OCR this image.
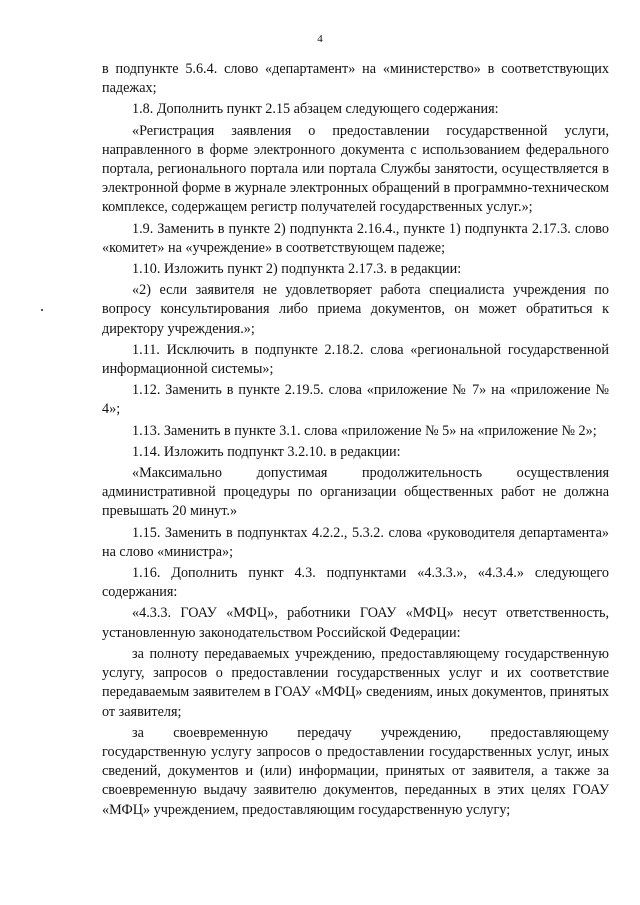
4

в подпункте 5.6.4. слово «департамент» на «министерство» в соответствующих падежах;

1.8. Дополнить пункт 2.15 абзацем следующего содержания:

«Регистрация заявления о предоставлении государственной услуги, направленного в форме электронного документа с использованием федерального портала, регионального портала или портала Службы занятости, осуществляется в электронной форме в журнале электронных обращений в программно-техническом комплексе, содержащем регистр получателей государственных услуг.»;

1.9. Заменить в пункте 2) подпункта 2.16.4., пункте 1) подпункта 2.17.3. слово «комитет» на «учреждение» в соответствующем падеже;

1.10. Изложить пункт 2) подпункта 2.17.3. в редакции:

«2) если заявителя не удовлетворяет работа специалиста учреждения по вопросу консультирования либо приема документов, он может обратиться к директору учреждения.»;

1.11. Исключить в подпункте 2.18.2. слова «региональной государственной информационной системы»;

1.12. Заменить в пункте 2.19.5. слова «приложение № 7» на «приложение № 4»;

1.13. Заменить в пункте 3.1. слова «приложение № 5» на «приложение № 2»;

1.14. Изложить подпункт 3.2.10. в редакции:

«Максимально допустимая продолжительность осуществления административной процедуры по организации общественных работ не должна превышать 20 минут.»

1.15. Заменить в подпунктах 4.2.2., 5.3.2. слова «руководителя департамента» на слово «министра»;

1.16. Дополнить пункт 4.3. подпунктами «4.3.3.», «4.3.4.» следующего содержания:

«4.3.3. ГОАУ «МФЦ», работники ГОАУ «МФЦ» несут ответственность, установленную законодательством Российской Федерации:

за полноту передаваемых учреждению, предоставляющему государственную услугу, запросов о предоставлении государственных услуг и их соответствие передаваемым заявителем в ГОАУ «МФЦ» сведениям, иных документов, принятых от заявителя;

за своевременную передачу учреждению, предоставляющему государственную услугу запросов о предоставлении государственных услуг, иных сведений, документов и (или) информации, принятых от заявителя, а также за своевременную выдачу заявителю документов, переданных в этих целях ГОАУ «МФЦ» учреждением, предоставляющим государственную услугу;
